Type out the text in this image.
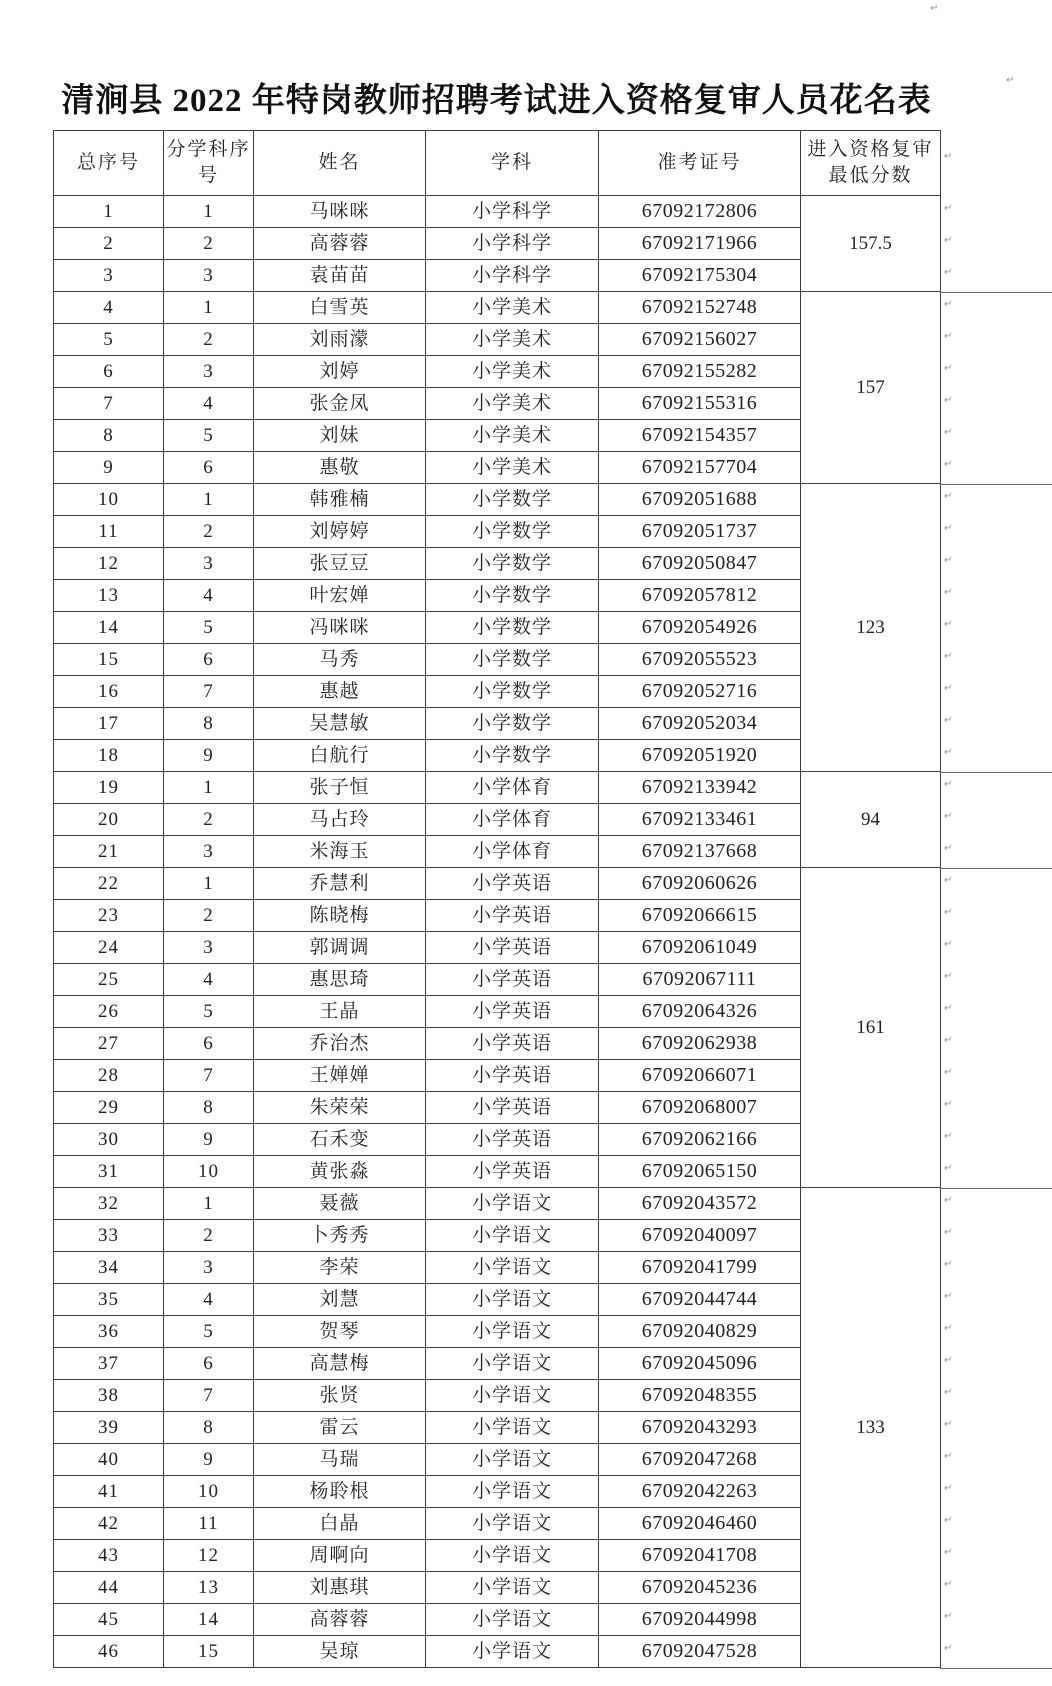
清涧县 2022 年特岗教师招聘考试进入资格复审人员花名表
总序号	分学科序号	姓名	学科	准考证号	进入资格复审最低分数
1	1	马咪咪	小学科学	67092172806	157.5
2	2	高蓉蓉	小学科学	67092171966	
3	3	袁苗苗	小学科学	67092175304	
4	1	白雪英	小学美术	67092152748	157
5	2	刘雨濛	小学美术	67092156027	
6	3	刘婷	小学美术	67092155282	
7	4	张金凤	小学美术	67092155316	
8	5	刘妹	小学美术	67092154357	
9	6	惠敬	小学美术	67092157704	
10	1	韩雅楠	小学数学	67092051688	123
11	2	刘婷婷	小学数学	67092051737	
12	3	张豆豆	小学数学	67092050847	
13	4	叶宏婵	小学数学	67092057812	
14	5	冯咪咪	小学数学	67092054926	
15	6	马秀	小学数学	67092055523	
16	7	惠越	小学数学	67092052716	
17	8	吴慧敏	小学数学	67092052034	
18	9	白航行	小学数学	67092051920	
19	1	张子恒	小学体育	67092133942	94
20	2	马占玲	小学体育	67092133461	
21	3	米海玉	小学体育	67092137668	
22	1	乔慧利	小学英语	67092060626	161
23	2	陈晓梅	小学英语	67092066615	
24	3	郭调调	小学英语	67092061049	
25	4	惠思琦	小学英语	67092067111	
26	5	王晶	小学英语	67092064326	
27	6	乔治杰	小学英语	67092062938	
28	7	王婵婵	小学英语	67092066071	
29	8	朱荣荣	小学英语	67092068007	
30	9	石禾变	小学英语	67092062166	
31	10	黄张淼	小学英语	67092065150	
32	1	聂薇	小学语文	67092043572	133
33	2	卜秀秀	小学语文	67092040097	
34	3	李荣	小学语文	67092041799	
35	4	刘慧	小学语文	67092044744	
36	5	贺琴	小学语文	67092040829	
37	6	高慧梅	小学语文	67092045096	
38	7	张贤	小学语文	67092048355	
39	8	雷云	小学语文	67092043293	
40	9	马瑞	小学语文	67092047268	
41	10	杨聆根	小学语文	67092042263	
42	11	白晶	小学语文	67092046460	
43	12	周啊向	小学语文	67092041708	
44	13	刘惠琪	小学语文	67092045236	
45	14	高蓉蓉	小学语文	67092044998	
46	15	吴琼	小学语文	67092047528	
↵
↵
↵
↵
↵
↵
↵
↵
↵
↵
↵
↵
↵
↵
↵
↵
↵
↵
↵
↵
↵
↵
↵
↵
↵
↵
↵
↵
↵
↵
↵
↵
↵
↵
↵
↵
↵
↵
↵
↵
↵
↵
↵
↵
↵
↵
↵
↵
↵
